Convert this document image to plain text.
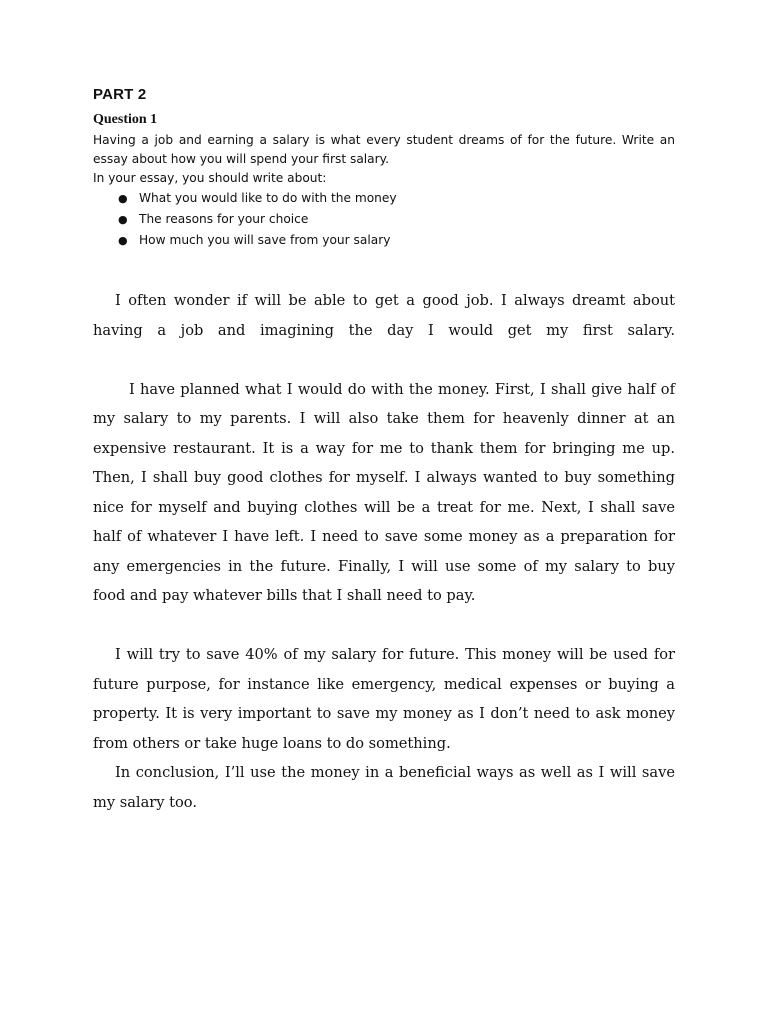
PART 2
Question 1

Having a job and earning a salary is what every student dreams of for the future. Write an essay about how you will spend your first salary.

In your essay, you should write about:

● What you would like to do with the money
● The reasons for your choice
● How much you will save from your salary

I often wonder if will be able to get a good job. I always dreamt about having a job and imagining the day I would get my first salary.

I have planned what I would do with the money. First, I shall give half of my salary to my parents. I will also take them for heavenly dinner at an expensive restaurant. It is a way for me to thank them for bringing me up. Then, I shall buy good clothes for myself. I always wanted to buy something nice for myself and buying clothes will be a treat for me. Next, I shall save half of whatever I have left. I need to save some money as a preparation for any emergencies in the future. Finally, I will use some of my salary to buy food and pay whatever bills that I shall need to pay.

I will try to save 40% of my salary for future. This money will be used for future purpose, for instance like emergency, medical expenses or buying a property. It is very important to save my money as I don’t need to ask money from others or take huge loans to do something.

In conclusion, I’ll use the money in a beneficial ways as well as I will save my salary too.
